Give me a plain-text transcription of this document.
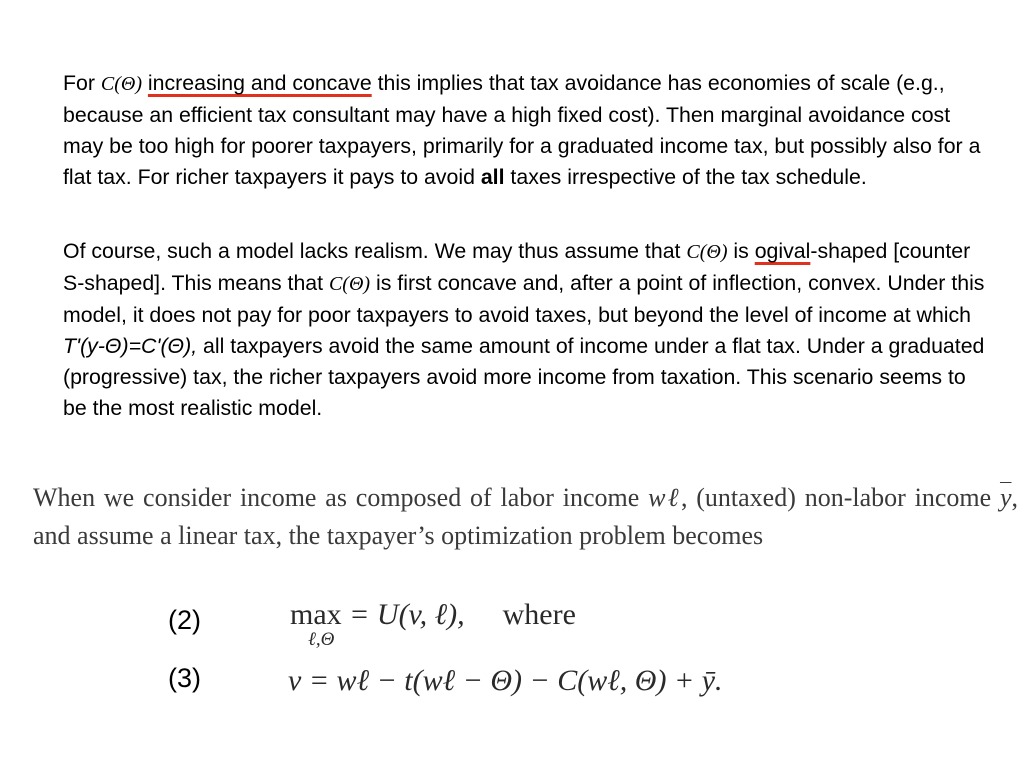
For C(Θ) increasing and concave this implies that tax avoidance has economies of scale (e.g., because an efficient tax consultant may have a high fixed cost). Then marginal avoidance cost may be too high for poorer taxpayers, primarily for a graduated income tax, but possibly also for a flat tax. For richer taxpayers it pays to avoid all taxes irrespective of the tax schedule.

Of course, such a model lacks realism. We may thus assume that C(Θ) is ogival-shaped [counter S-shaped]. This means that C(Θ) is first concave and, after a point of inflection, convex. Under this model, it does not pay for poor taxpayers to avoid taxes, but beyond the level of income at which T'(y-Θ)=C'(Θ), all taxpayers avoid the same amount of income under a flat tax. Under a graduated (progressive) tax, the richer taxpayers avoid more income from taxation. This scenario seems to be the most realistic model.

When we consider income as composed of labor income wℓ, (untaxed) non-labor income $\overline{y}$, and assume a linear tax, the taxpayer’s optimization problem becomes

(2)	max
ℓ,Θ
= U(v, ℓ), where
(3)	v = wℓ − t(wℓ − Θ) − C(wℓ, Θ) + ȳ.
